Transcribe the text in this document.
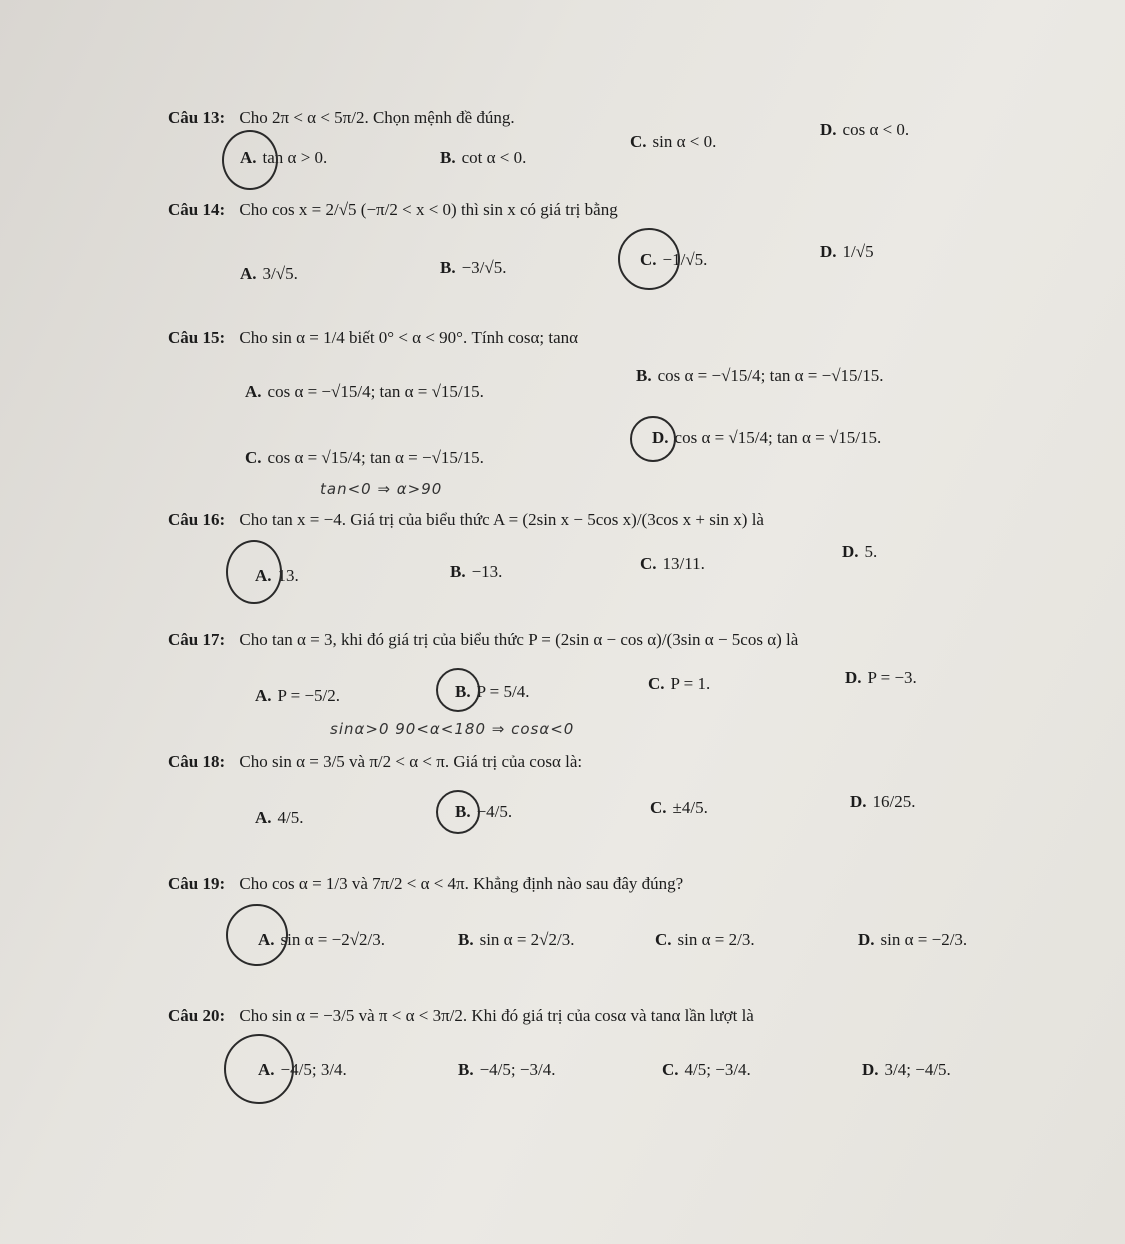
Câu 13: Cho 2π < α < 5π/2. Chọn mệnh đề đúng.
A. tan α > 0.	B. cot α < 0.
C. sin α < 0.
D. cos α < 0.
Câu 14: Cho cos x = 2/√5 (−π/2 < x < 0) thì sin x có giá trị bằng
A. 3/√5.	B. −3/√5.	C. −1/√5.	D. 1/√5
Câu 15: Cho sin α = 1/4 biết 0° < α < 90°. Tính cosα; tanα
A. cos α = −√15/4; tan α = √15/15.
B. cos α = −√15/4; tan α = −√15/15.
C. cos α = √15/4; tan α = −√15/15.
D. cos α = √15/4; tan α = √15/15.
tan<0 ⇒ α>90
Câu 16: Cho tan x = −4. Giá trị của biểu thức A = (2sin x − 5cos x)/(3cos x + sin x) là
A. 13.	B. −13.	C. 13/11.
D. 5.
Câu 17: Cho tan α = 3, khi đó giá trị của biểu thức P = (2sin α − cos α)/(3sin α − 5cos α) là
A. P = −5/2.	B. P = 5/4.	C. P = 1.	D. P = −3.
sinα>0 90<α<180 ⇒ cosα<0
Câu 18: Cho sin α = 3/5 và π/2 < α < π. Giá trị của cosα là:
A. 4/5.	B. −4/5.	C. ±4/5.	D. 16/25.
Câu 19: Cho cos α = 1/3 và 7π/2 < α < 4π. Khẳng định nào sau đây đúng?
A. sin α = −2√2/3.	B. sin α = 2√2/3.	C. sin α = 2/3.	D. sin α = −2/3.
Câu 20: Cho sin α = −3/5 và π < α < 3π/2. Khi đó giá trị của cosα và tanα lần lượt là
A. −4/5; 3/4.	B. −4/5; −3/4.	C. 4/5; −3/4.	D. 3/4; −4/5.
